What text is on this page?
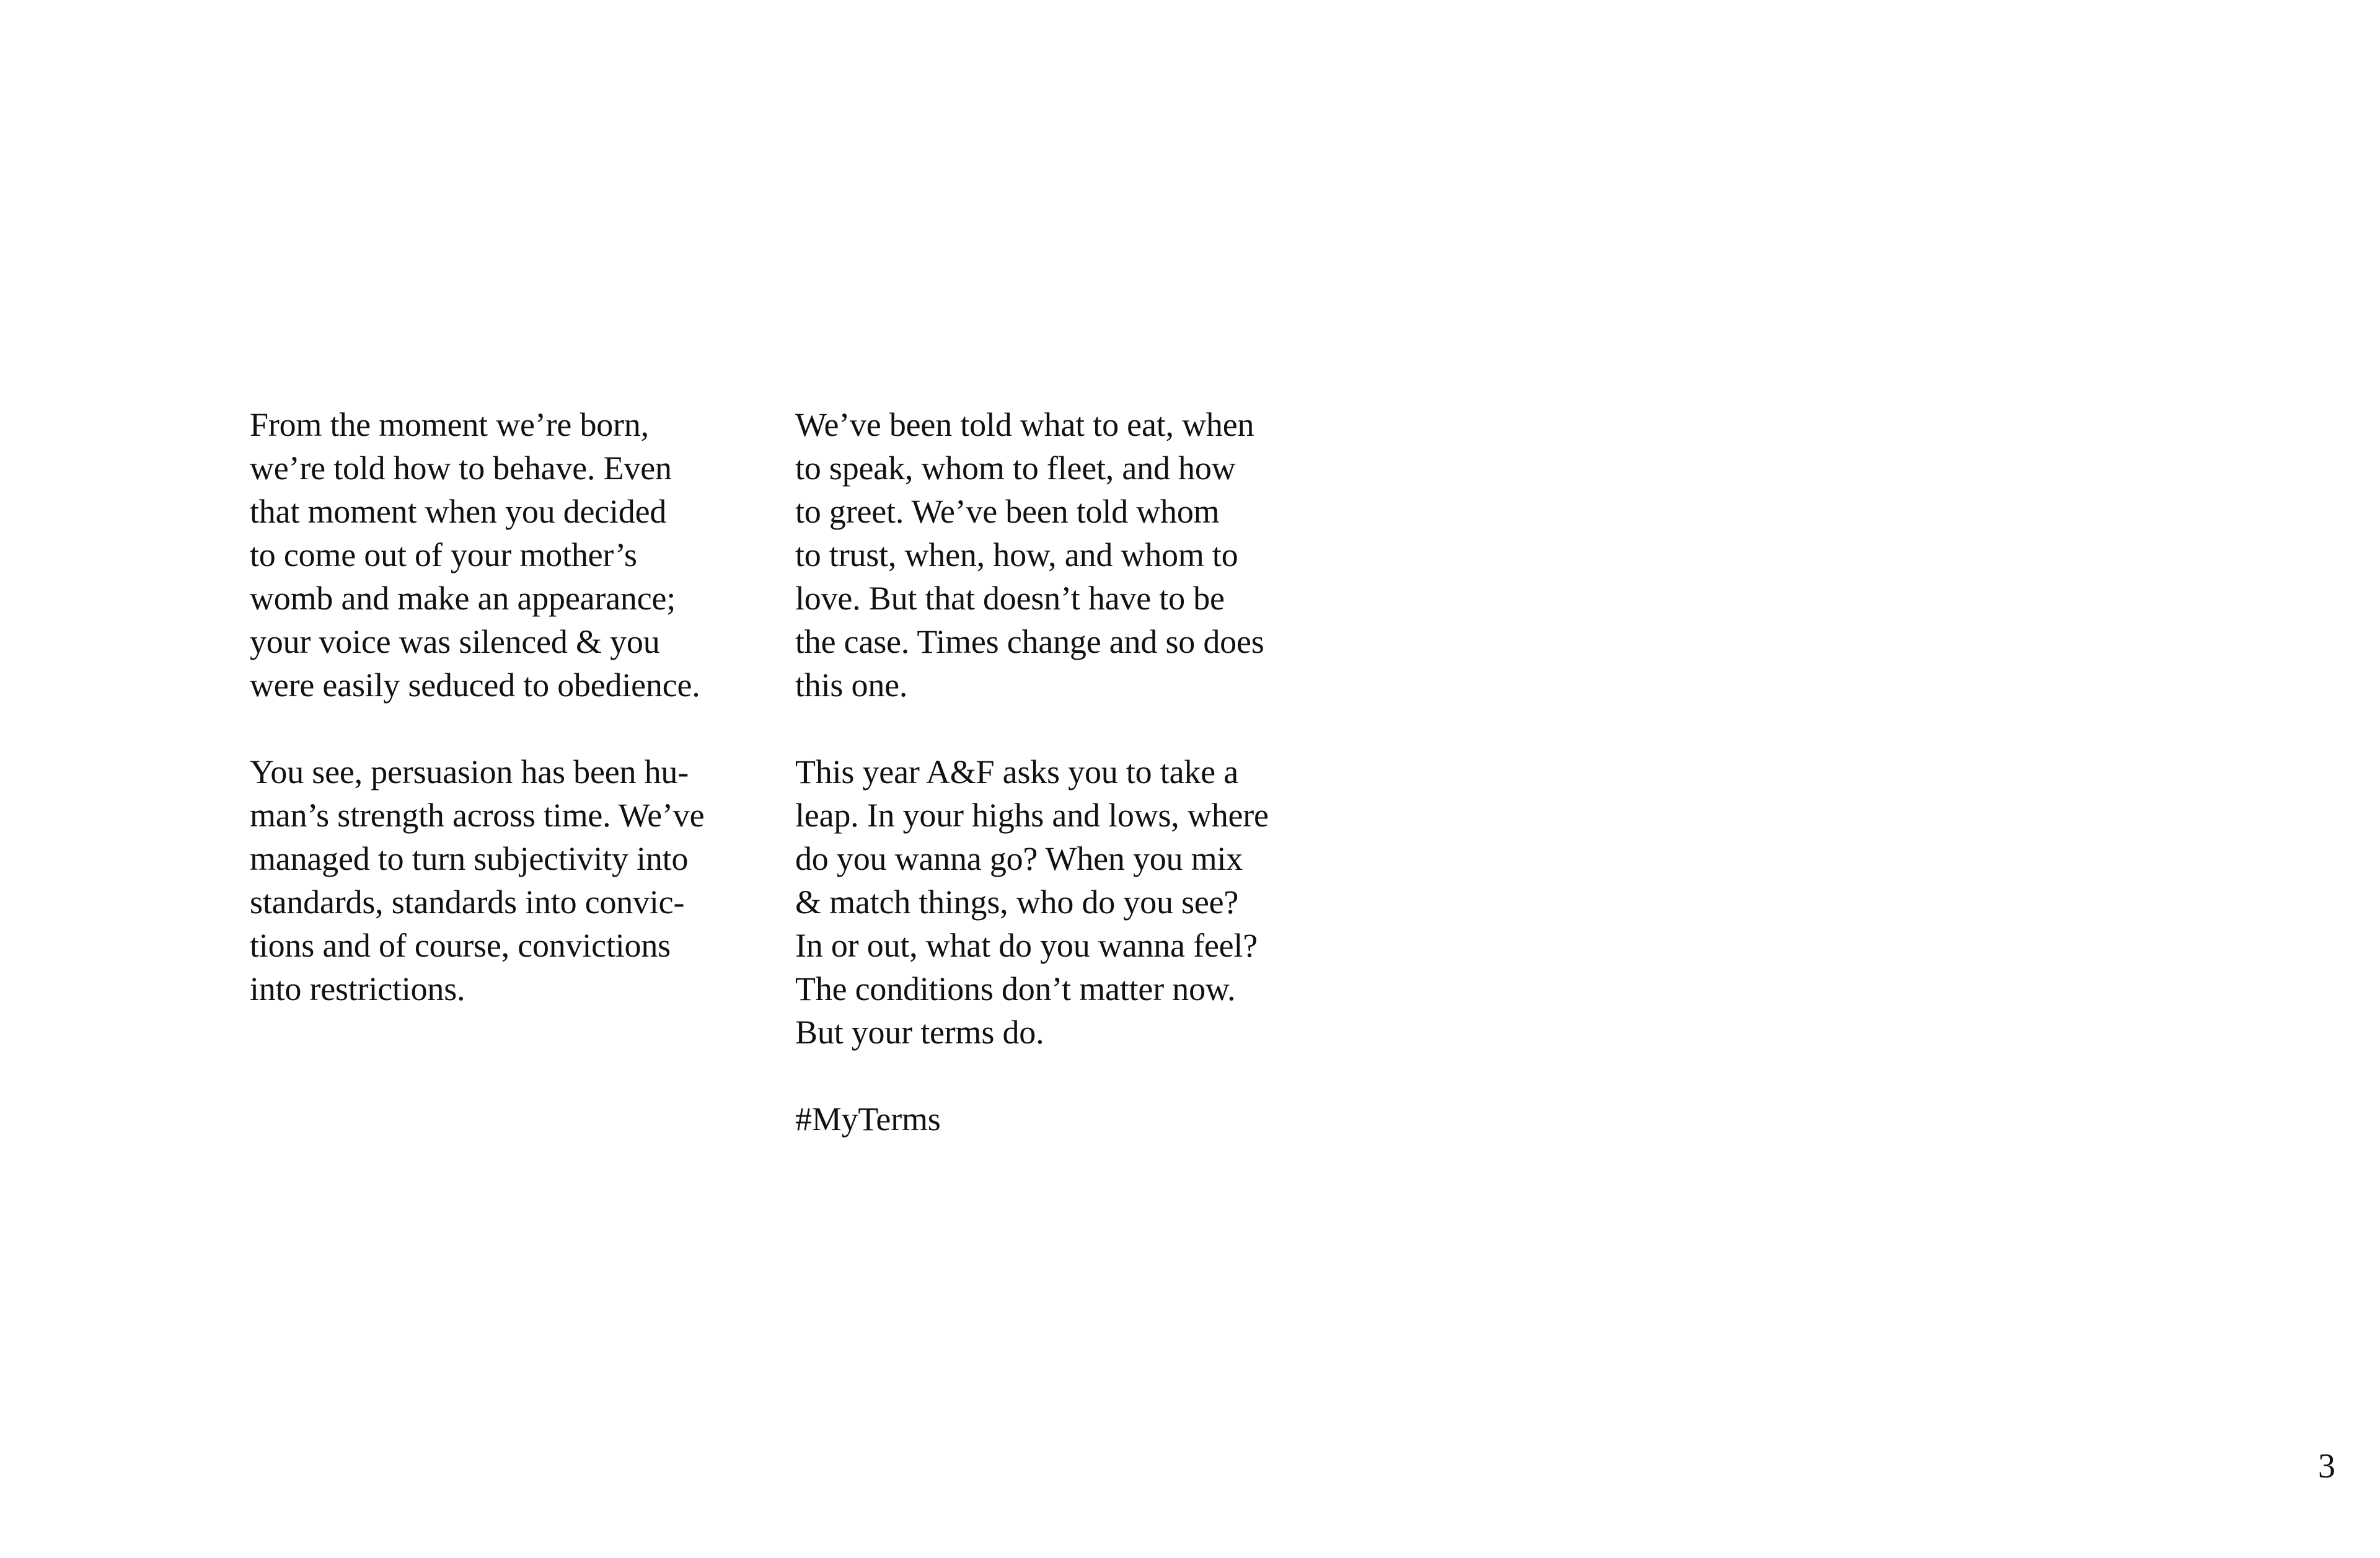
From the moment we’re born,
we’re told how to behave. Even
that moment when you decided
to come out of your mother’s
womb and make an appearance;
your voice was silenced & you
were easily seduced to obedience.

You see, persuasion has been hu-
man’s strength across time. We’ve
managed to turn subjectivity into
standards, standards into convic-
tions and of course, convictions
into restrictions.

We’ve been told what to eat, when
to speak, whom to fleet, and how
to greet. We’ve been told whom
to trust, when, how, and whom to
love. But that doesn’t have to be
the case. Times change and so does
this one.

This year A&F asks you to take a
leap. In your highs and lows, where
do you wanna go? When you mix
& match things, who do you see?
In or out, what do you wanna feel?
The conditions don’t matter now.
But your terms do.

#MyTerms

3
